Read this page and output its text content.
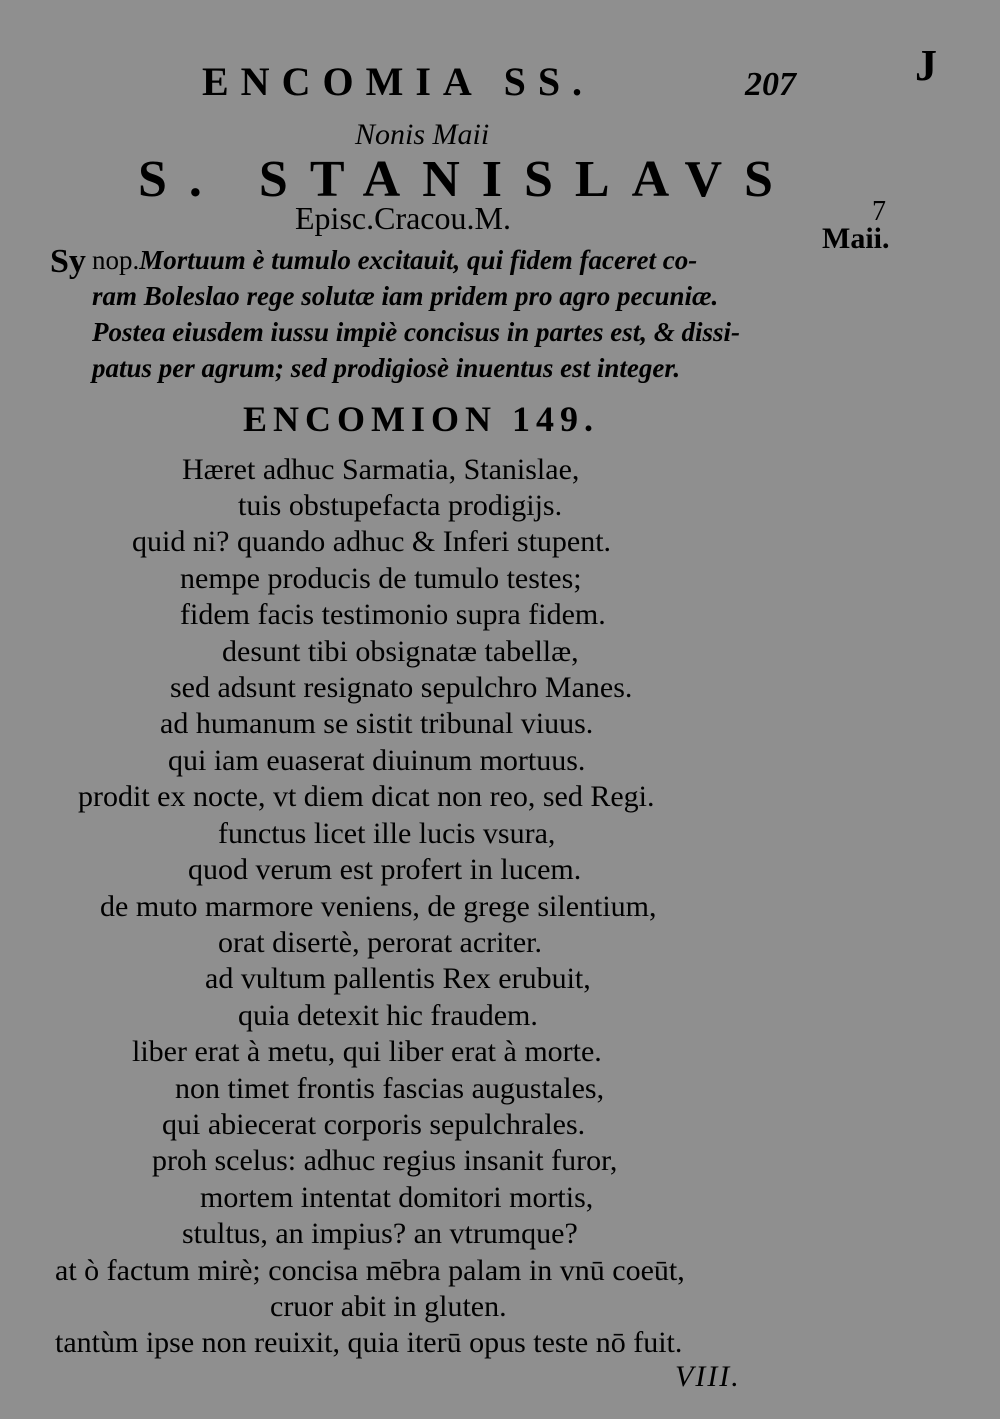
ENCOMIA SS.	207	J
Nonis Maii
S. STANISLAVS
Episc.Cracou.M.	7
Maii.
Sy nop.Mortuum è tumulo excitauit, qui fidem faceret co-
ram Boleslao rege solutæ iam pridem pro agro pecuniæ.
Postea eiusdem iussu impiè concisus in partes est, & dissi-
patus per agrum; sed prodigiosè inuentus est integer.
ENCOMION 149.
Hæret adhuc Sarmatia, Stanislae,
tuis obstupefacta prodigijs.
quid ni? quando adhuc & Inferi stupent.
nempe producis de tumulo testes;
fidem facis testimonio supra fidem.
desunt tibi obsignatæ tabellæ,
sed adsunt resignato sepulchro Manes.
ad humanum se sistit tribunal viuus.
qui iam euaserat diuinum mortuus.
prodit ex nocte, vt diem dicat non reo, sed Regi.
functus licet ille lucis vsura,
quod verum est profert in lucem.
de muto marmore veniens, de grege silentium,
orat disertè, perorat acriter.
ad vultum pallentis Rex erubuit,
quia detexit hic fraudem.
liber erat à metu, qui liber erat à morte.
non timet frontis fascias augustales,
qui abiecerat corporis sepulchrales.
proh scelus: adhuc regius insanit furor,
mortem intentat domitori mortis,
stultus, an impius? an vtrumque?
at ò factum mirè; concisa mēbra palam in vnū coeūt,
cruor abit in gluten.
tantùm ipse non reuixit, quia iterū opus teste nō fuit.
VIII.
